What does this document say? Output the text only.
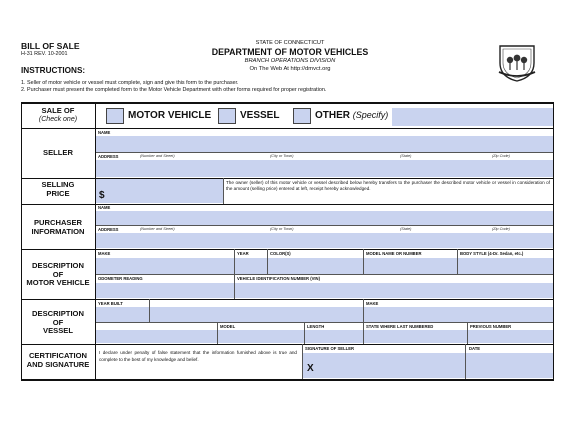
BILL OF SALE
H-31 REV. 10-2001
INSTRUCTIONS:
1. Seller of motor vehicle or vessel must complete, sign and give this form to the purchaser.
2. Purchaser must present the completed form to the Motor Vehicle Department with other forms required for proper registration.
STATE OF CONNECTICUT
DEPARTMENT OF MOTOR VEHICLES
BRANCH OPERATIONS DIVISION
On The Web At http://dmvct.org
SALE OF
(Check one)	MOTOR VEHICLE	VESSEL	OTHER (Specify)
SELLER
NAME
ADDRESS	(Number and Street)	(City or Town)	(State)	(Zip Code)
SELLING
PRICE	$
The owner (seller) of this motor vehicle or vessel described below hereby transfers to the purchaser the described motor vehicle or vessel in consideration of the amount (selling price) entered at left, receipt hereby acknowledged.
PURCHASER
INFORMATION
NAME
ADDRESS	(Number and Street)	(City or Town)	(State)	(Zip Code)
DESCRIPTION
OF
MOTOR VEHICLE
MAKE	YEAR	COLOR(S)	MODEL NAME OR NUMBER	BODY STYLE (4-Dr. Sedan, etc.)
ODOMETER READING	VEHICLE IDENTIFICATION NUMBER (VIN)
DESCRIPTION
OF
VESSEL
YEAR BUILT	MAKE
MODEL	LENGTH	STATE WHERE LAST NUMBERED	PREVIOUS NUMBER
CERTIFICATION
AND SIGNATURE
I declare under penalty of false statement that the information furnished above is true and complete to the best of my knowledge and belief.
SIGNATURE OF SELLER
X
DATE
